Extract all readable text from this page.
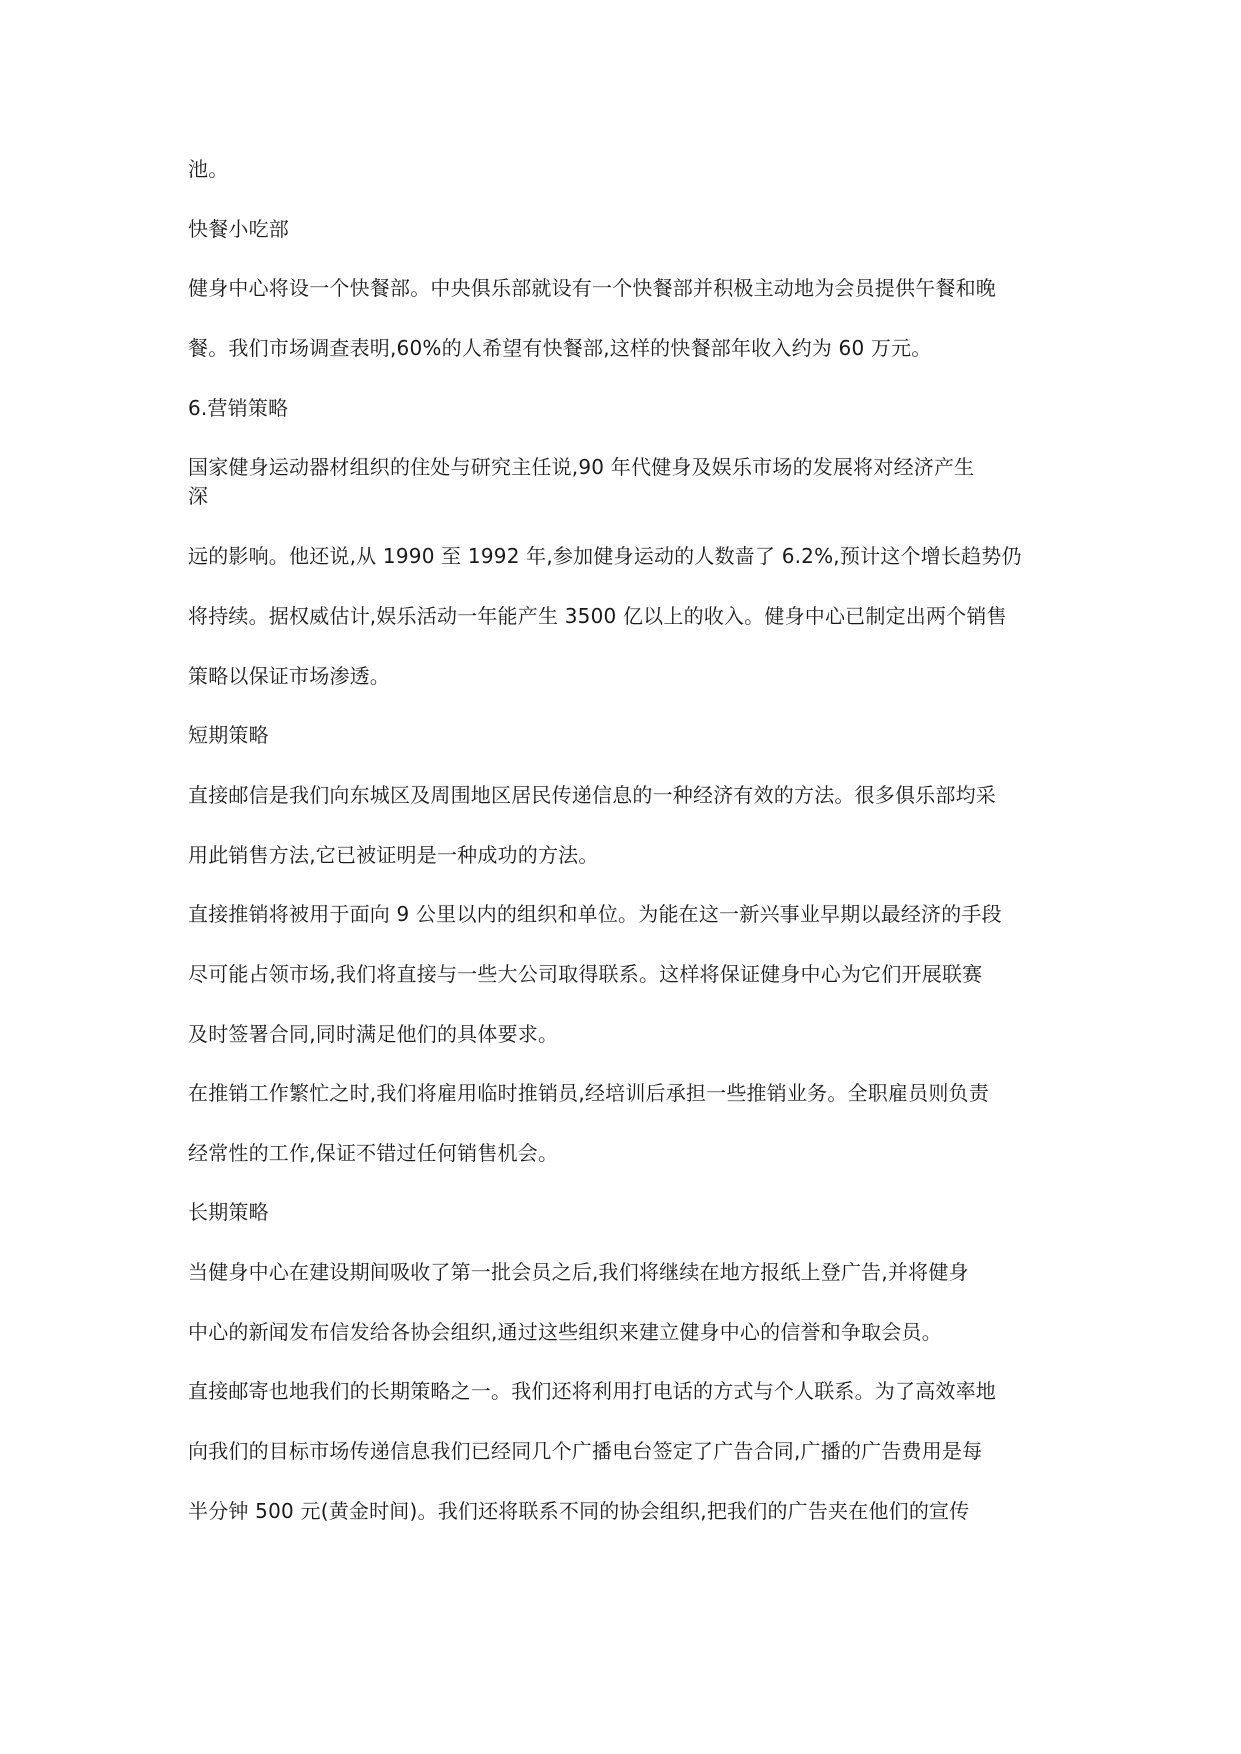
池。
快餐小吃部
健身中心将设一个快餐部。中央俱乐部就设有一个快餐部并积极主动地为会员提供午餐和晚
餐。我们市场调查表明,60%的人希望有快餐部,这样的快餐部年收入约为 60 万元。
6.营销策略
国家健身运动器材组织的住处与研究主任说,90 年代健身及娱乐市场的发展将对经济产生
深
远的影响。他还说,从 1990 至 1992 年,参加健身运动的人数啬了 6.2%,预计这个增长趋势仍
将持续。据权威估计,娱乐活动一年能产生 3500 亿以上的收入。健身中心已制定出两个销售
策略以保证市场渗透。
短期策略
直接邮信是我们向东城区及周围地区居民传递信息的一种经济有效的方法。很多俱乐部均采
用此销售方法,它已被证明是一种成功的方法。
直接推销将被用于面向 9 公里以内的组织和单位。为能在这一新兴事业早期以最经济的手段
尽可能占领市场,我们将直接与一些大公司取得联系。这样将保证健身中心为它们开展联赛
及时签署合同,同时满足他们的具体要求。
在推销工作繁忙之时,我们将雇用临时推销员,经培训后承担一些推销业务。全职雇员则负责
经常性的工作,保证不错过任何销售机会。
长期策略
当健身中心在建设期间吸收了第一批会员之后,我们将继续在地方报纸上登广告,并将健身
中心的新闻发布信发给各协会组织,通过这些组织来建立健身中心的信誉和争取会员。
直接邮寄也地我们的长期策略之一。我们还将利用打电话的方式与个人联系。为了高效率地
向我们的目标市场传递信息我们已经同几个广播电台签定了广告合同,广播的广告费用是每
半分钟 500 元(黄金时间)。我们还将联系不同的协会组织,把我们的广告夹在他们的宣传
